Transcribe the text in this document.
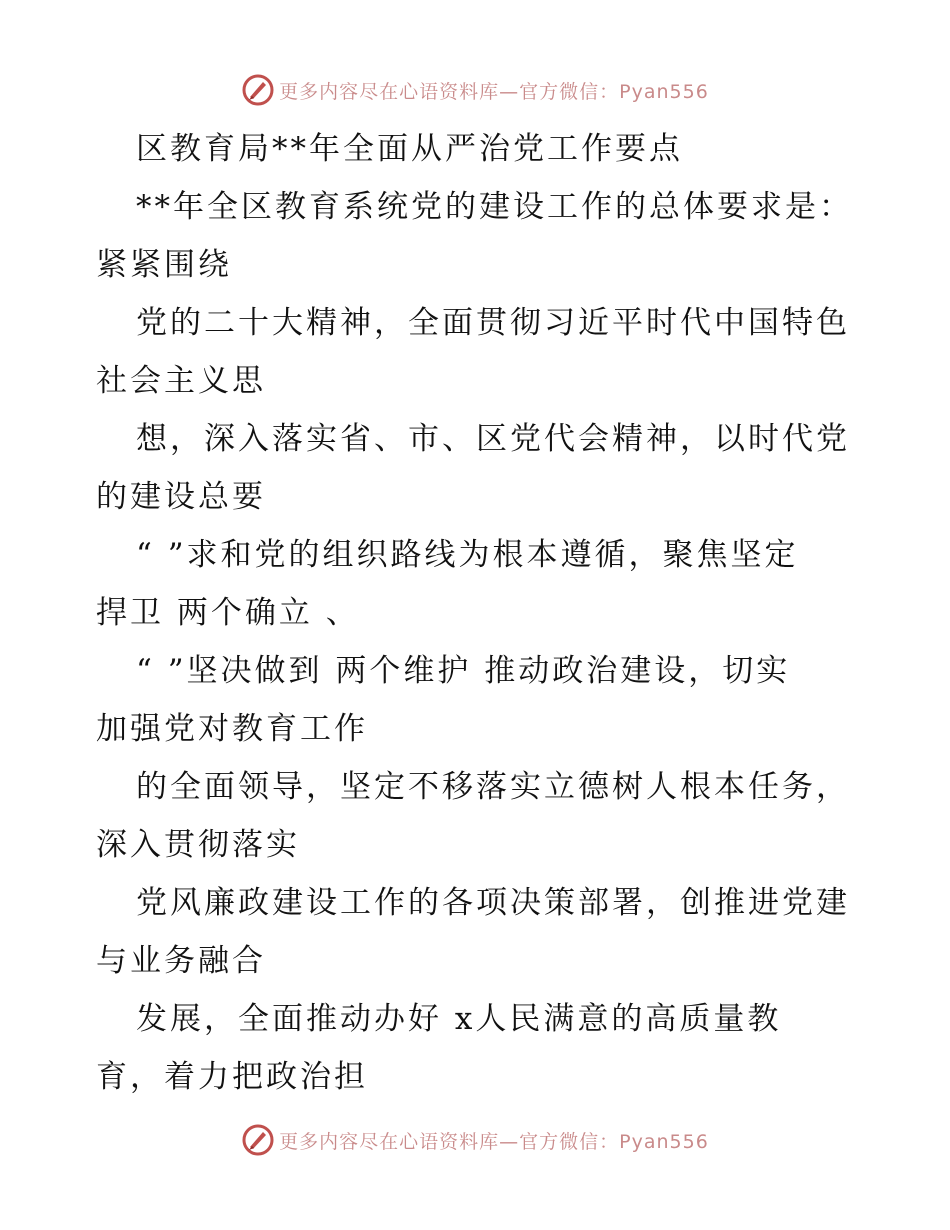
更多内容尽在心语资料库—官方微信：Pyan556
区教育局**年全面从严治党工作要点
**年全区教育系统党的建设工作的总体要求是：
紧紧围绕
党的二十大精神，全面贯彻习近平时代中国特色
社会主义思
想，深入落实省、市、区党代会精神，以时代党
的建设总要
“ ”求和党的组织路线为根本遵循，聚焦坚定
捍卫 两个确立 、
“ ”坚决做到 两个维护 推动政治建设，切实
加强党对教育工作
的全面领导，坚定不移落实立德树人根本任务，
深入贯彻落实
党风廉政建设工作的各项决策部署，创推进党建
与业务融合
发展，全面推动办好 x人民满意的高质量教
育，着力把政治担
更多内容尽在心语资料库—官方微信：Pyan556
